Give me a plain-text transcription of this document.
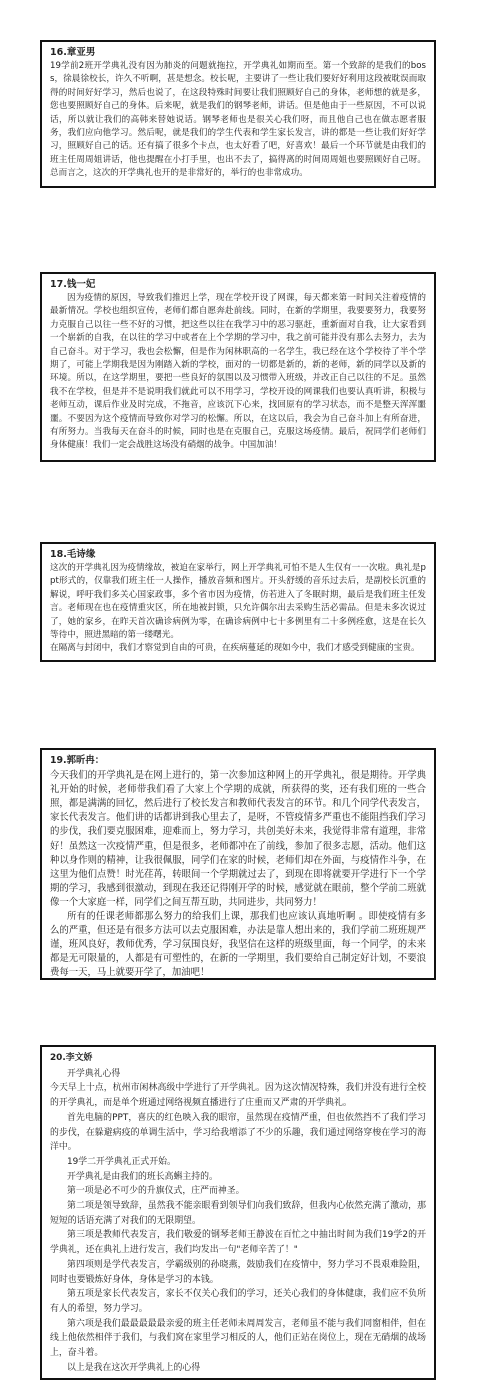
16.章亚男

19学前2班开学典礼没有因为肺炎的问题就拖拉，开学典礼如期而至。第一个致辞的是我们的boss，徐晨徐校长，许久不听啊，甚是想念。校长呢，主要讲了一些让我们要好好利用这段被耽误而取得的时间好好学习，然后也说了，在这段特殊时间要让我们照顾好自己的身体，老师想的就是多，您也要照顾好自己的身体。后来呢，就是我们的钢琴老师，讲话。但是他由于一些原因，不可以说话，所以就让我们的高韩来替她说话。钢琴老师也是很关心我们呀，而且他自己也在做志愿者服务，我们应向他学习。然后呢，就是我们的学生代表和学生家长发言，讲的都是一些让我们好好学习，照顾好自己的话。还有搞了很多个卡点，也太好看了吧，好喜欢！最后一个环节就是由我们的班主任周周姐讲话，他也提醒在小打手里，也出不去了，搞得离的时间周周姐也要照顾好自己呀。总而言之，这次的开学典礼也开的是非常好的，举行的也非常成功。

17.钱一妃

因为疫情的原因，导致我们推迟上学，现在学校开设了网课，每天都来第一时间关注着疫情的最新情况。学校也组织宣传，老师们都自愿奔赴前线。同时，在新的学期里，我要要努力，我要努力克服自己以往一些不好的习惯，把这些以往在我学习中的恶习驱赶，重新面对自我，让大家看到一个崭新的自我，在以往的学习中或者在上个学期的学习中，我之前可能并没有那么去努力，去为自己奋斗。对于学习，我也会松懈，但是作为闲林职高的一名学生，我已经在这个学校待了半个学期了，可能上学期我是因为刚踏入新的学校，面对的一切都是新的，新的老师，新的同学以及新的环境。所以，在这学期里，要把一些良好的氛围以及习惯带入班级，并改正自己以往的不足。虽然我不在学校，但是并不是说明我们就此可以不用学习，学校开设的网课我们也要认真听讲，积极与老师互动，课后作业及时完成，不拖音，应该沉下心来，找回原有的学习状态，而不是整天浑浑噩噩。不要因为这个疫情而导致你对学习的松懈。所以，在这以后，我会为自己奋斗加上有所奋进，有所努力。当我每天在奋斗的时候，同时也是在克服自己，克服这场疫情。最后，祝同学们老师们身体健康！我们一定会战胜这场没有硝烟的战争。中国加油！

18.毛诗缘

这次的开学典礼因为疫情缘故，被迫在家举行，网上开学典礼可怕不是人生仅有一一次啦。典礼是ppt形式的，仅靠我们班主任一人操作，播放音频和图片。开头舒缓的音乐过去后，是副校长沉重的解说，呼吁我们多关心国家政事，多个省市因为疫情，仿若进入了冬眠时期，最后是我们班主任发言。老师现在也在疫情重灾区，所在地被封锁，只允许偶尔出去采购生活必需品。但是未多次说过了，她的家乡，在昨天首次确诊病例为零，在确诊病例中七十多例里有二十多例痊愈，这是在长久等待中，照进黑暗的第一缕曙光。

在隔离与封闭中，我们才察觉到自由的可贵，在疾病蔓延的现如今中，我们才感受到健康的宝贵。

19.郭昕冉：

今天我们的开学典礼是在网上进行的，第一次参加这种网上的开学典礼，很是期待。开学典礼开始的时候，老师带我们看了大家上个学期的成就，所获得的奖，还有我们班的一些合照，都是满满的回忆，然后进行了校长发言和教师代表发言的环节。和几个同学代表发言，家长代表发言。他们讲的话都讲到我心里去了，是呀，不管疫情多严重也不能阻挡我们学习的步伐，我们要克服困难，迎难而上，努力学习，共创美好未来，我觉得非常有道理，非常好！虽然这一次疫情严重，但是很多，老师都冲在了前线，参加了很多志愿，活动。他们这种以身作则的精神，让我很佩服，同学们在家的时候，老师们却在外面，与疫情作斗争，在这里为他们点赞！时光荏苒，转眼间一个学期就过去了，到现在即将就要开学进行下一个学期的学习，我感到很激动，到现在我还记得刚开学的时候，感觉就在眼前，整个学前二班就像一个大家庭一样，同学们之间互帮互助，共同进步，共同努力！

所有的任课老师都那么努力的给我们上课，那我们也应该认真地听啊 。即使疫情有多么的严重，但还是有很多方法可以去克服困难，办法是靠人想出来的，我们学前二班班规严谨，班风良好，教师优秀，学习氛围良好，我坚信在这样的班级里面，每一个同学，的未来都是无可限量的，人都是有可塑性的，在新的一学期里，我们要给自己制定好计划，不要浪费每一天，马上就要开学了，加油吧！

20.李文娇

开学典礼心得

今天早上十点，杭州市闲林高级中学进行了开学典礼。因为这次情况特殊，我们并没有进行全校的开学典礼，而是单个班通过网络视频直播进行了庄重而又严肃的开学典礼。

首先电脑的PPT，喜庆的红色映入我的眼帘，虽然现在疫情严重，但也依然挡不了我们学习的步伐，在躲避病疫的单调生活中，学习给我增添了不少的乐趣，我们通过网络穿梭在学习的海洋中。

19学二开学典礼正式开始。

开学典礼是由我们的班长高蝌主持的。

第一项是必不可少的升旗仪式，庄严而神圣。

第二项是领导致辞，虽然我不能亲眼看到领导们向我们致辞，但我内心依然充满了激动，那短短的话语充满了对我们的无限期望。

第三项是教师代表发言，我们敬爱的钢琴老师王静波在百忙之中抽出时间为我们19学2的开学典礼，还在典礼上进行发言，我们均发出一句"老师辛苦了！"

第四项则是学代表发言，学霸级别的孙晓燕，鼓励我们在疫情中，努力学习不畏艰难险阻，同时也要锻炼好身体，身体是学习的本钱。

第五项是家长代表发言，家长不仅关心我们的学习，还关心我们的身体健康，我们应不负所有人的希望，努力学习。

第六项是我们最最最最最亲爱的班主任老师未周周发言，老师虽不能与我们同窗相伴，但在线上他依然相伴于我们，与我们窝在家里学习相反的人，他们正站在岗位上，现在无硝烟的战场上，奋斗着。

以上是我在这次开学典礼上的心得
